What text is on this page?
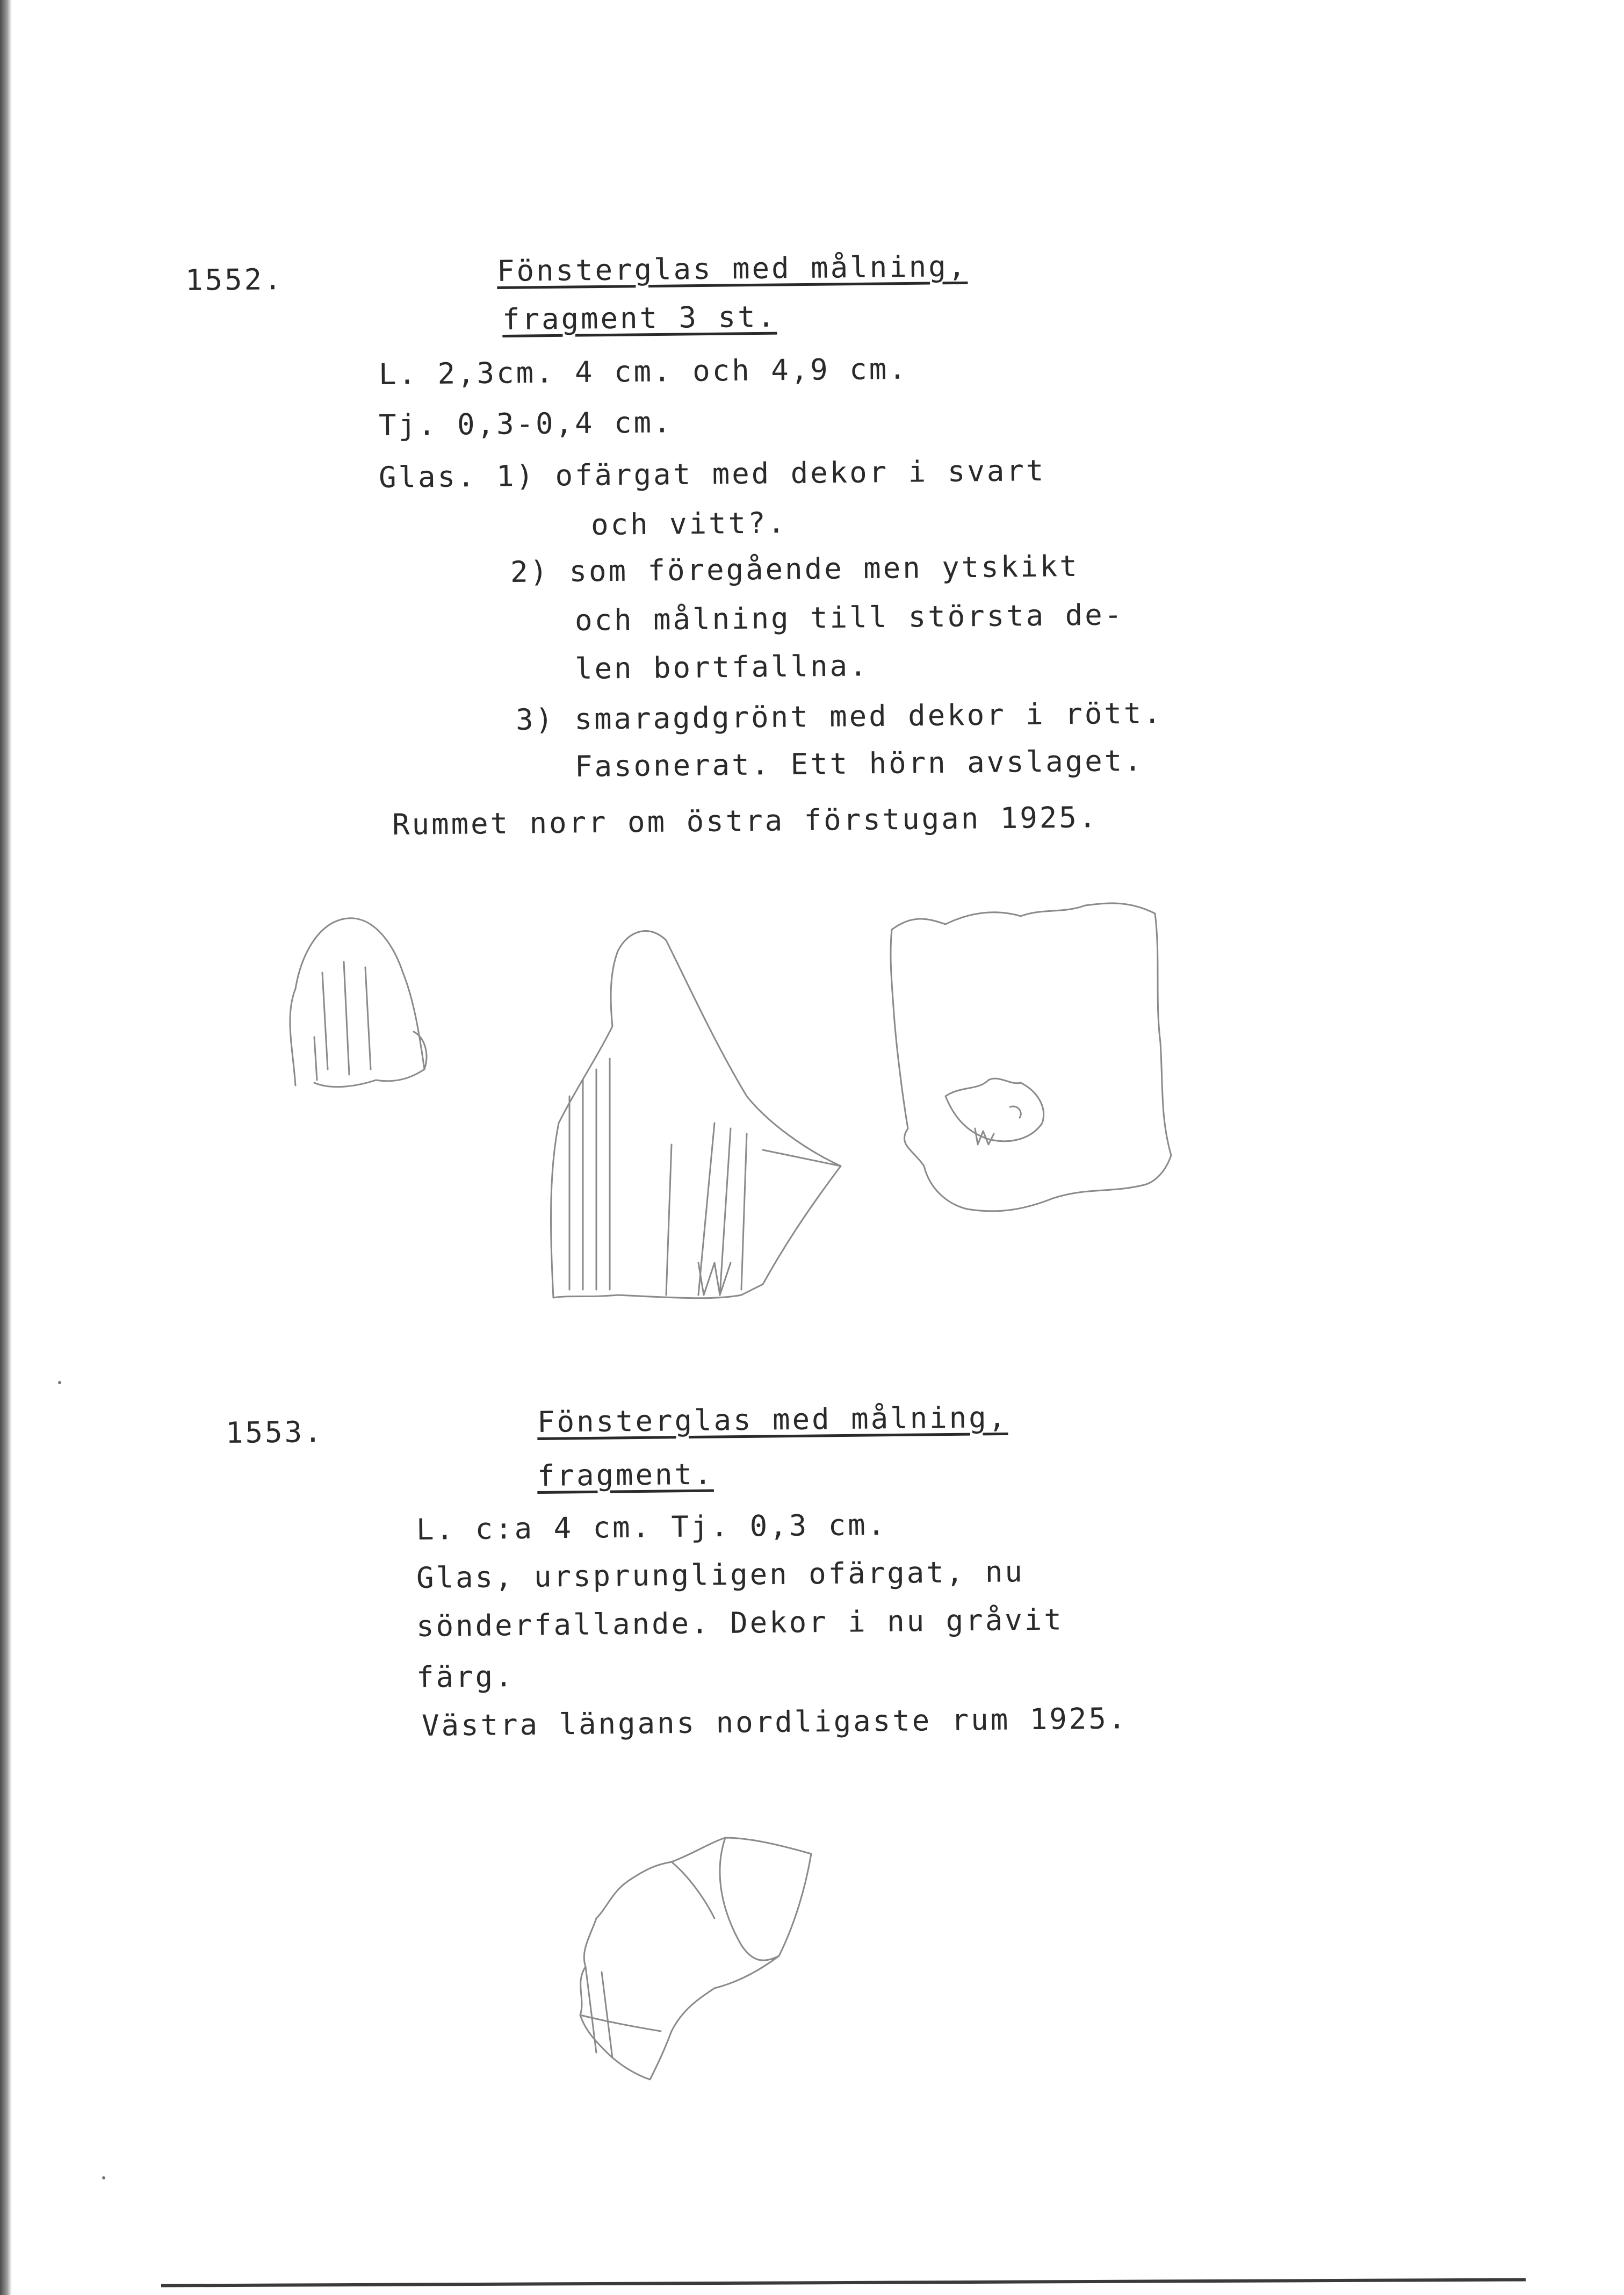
1552.	Fönsterglas med målning,
fragment 3 st.
L. 2,3cm. 4 cm. och 4,9 cm.
Tj. 0,3-0,4 cm.
Glas. 1) ofärgat med dekor i svart
och vitt?.
2) som föregående men ytskikt
och målning till största de-
len bortfallna.
3) smaragdgrönt med dekor i rött.
Fasonerat. Ett hörn avslaget.
Rummet norr om östra förstugan 1925.
1553.	Fönsterglas med målning,
fragment.
L. c:a 4 cm. Tj. 0,3 cm.
Glas, ursprungligen ofärgat, nu
sönderfallande. Dekor i nu gråvit
färg.
Västra längans nordligaste rum 1925.
